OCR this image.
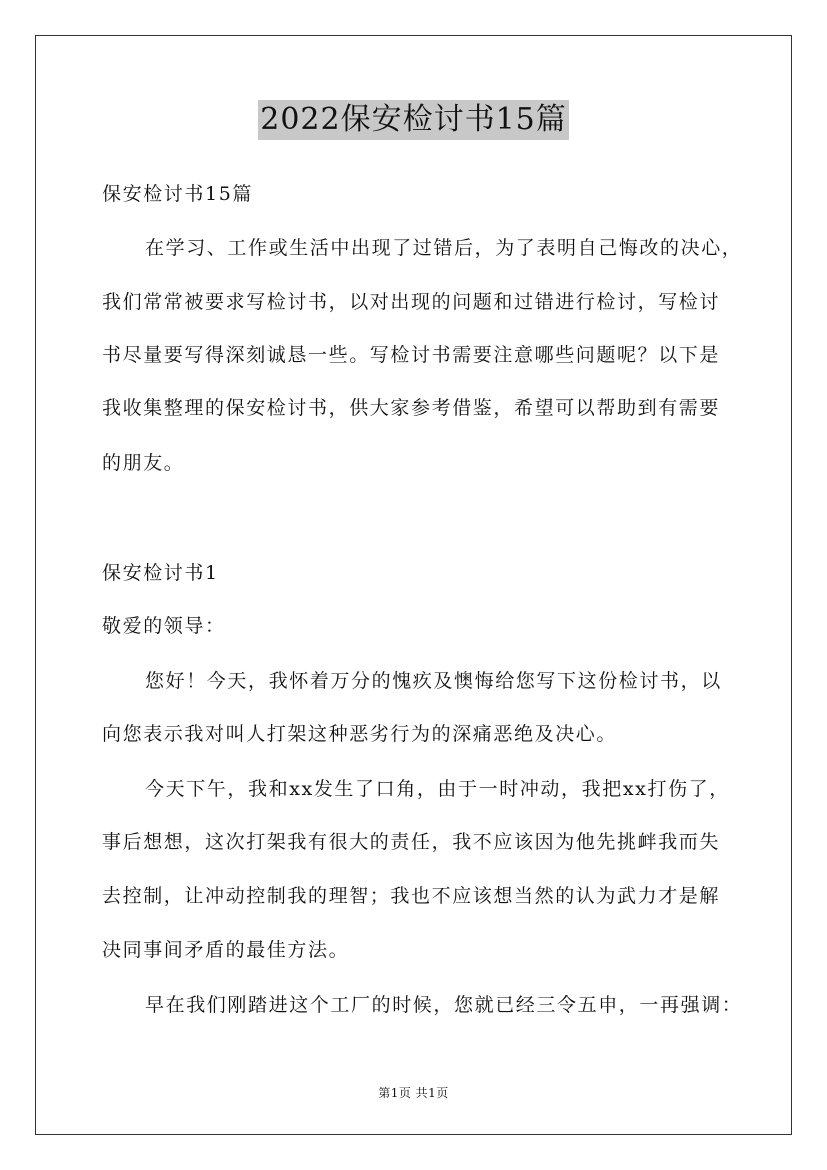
2022保安检讨书15篇
保安检讨书15篇
在学习、工作或生活中出现了过错后，为了表明自己悔改的决心，
我们常常被要求写检讨书，以对出现的问题和过错进行检讨，写检讨
书尽量要写得深刻诚恳一些。写检讨书需要注意哪些问题呢？以下是
我收集整理的保安检讨书，供大家参考借鉴，希望可以帮助到有需要
的朋友。
保安检讨书1
敬爱的领导：
您好！今天，我怀着万分的愧疚及懊悔给您写下这份检讨书，以
向您表示我对叫人打架这种恶劣行为的深痛恶绝及决心。
今天下午，我和xx发生了口角，由于一时冲动，我把xx打伤了，
事后想想，这次打架我有很大的责任，我不应该因为他先挑衅我而失
去控制，让冲动控制我的理智；我也不应该想当然的认为武力才是解
决同事间矛盾的最佳方法。
早在我们刚踏进这个工厂的时候，您就已经三令五申，一再强调：
第1页 共1页
